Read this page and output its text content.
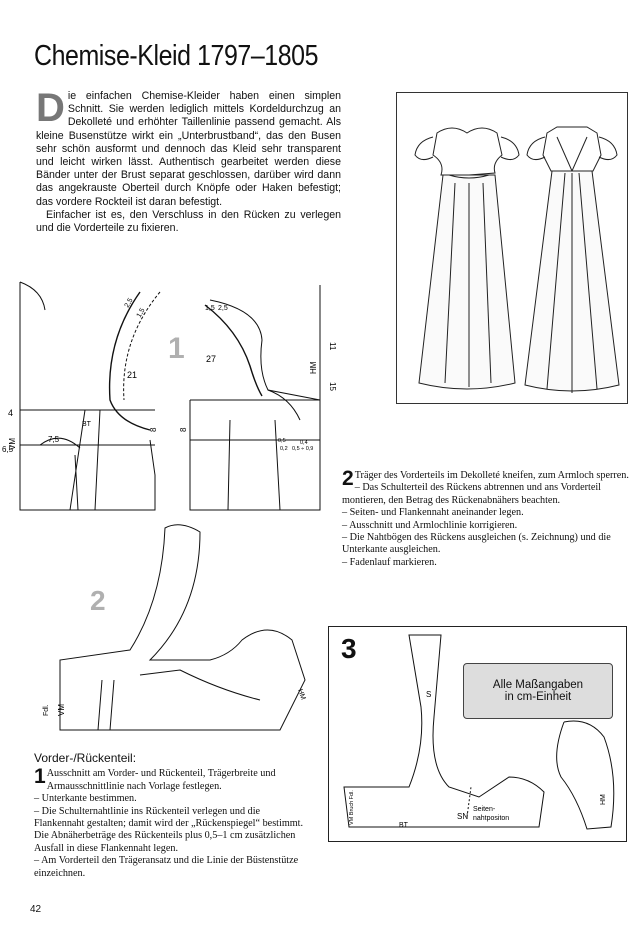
Chemise-Kleid 1797–1805

Die einfachen Chemise-Kleider haben einen simplen Schnitt. Sie werden lediglich mittels Kordeldurchzug an Dekolleté und erhöhter Taillenlinie passend gemacht. Als kleine Busenstütze wirkt ein „Unterbrustband“, das den Busen sehr schön ausformt und dennoch das Kleid sehr transparent und leicht wirken lässt. Authentisch gearbeitet werden diese Bänder unter der Brust separat geschlossen, darüber wird dann das angekrauste Oberteil durch Knöpfe oder Haken befestigt; das vordere Rockteil ist daran befestigt.

Einfacher ist es, den Verschluss in den Rücken zu verlegen und die Vorderteile zu fixieren.

1
2,5
1,5	1,5 2,5
21
27
11
15
HM
4
BT
VM	7,5
6,5
8	8
0,5	0,4
0,2 0,5 ÷ 0,9
2
Fdl. VM
HM

2 Träger des Vorderteils im Dekolleté kneifen, zum Armloch sperren.

– Das Schulterteil des Rückens abtrennen und ans Vorderteil montieren, den Betrag des Rückenabnähers beachten.

– Seiten- und Flankennaht aneinander legen.

– Ausschnitt und Armlochlinie korrigieren.

– Die Nahtbögen des Rückens ausgleichen (s. Zeichnung) und die Unterkante ausgleichen.

– Fadenlauf markieren.

Vorder-/Rückenteil:

1 Ausschnitt am Vorder- und Rückenteil, Trägerbreite und Armausschnittlinie nach Vorlage festlegen.

– Unterkante bestimmen.

– Die Schulternahtlinie ins Rückenteil verlegen und die Flankennaht gestalten; damit wird der „Rückenspiegel“ bestimmt. Die Abnäherbeträge des Rückenteils plus 0,5–1 cm zusätzlichen Ausfall in diese Flankennaht legen.

– Am Vorderteil den Trägeransatz und die Linie der Büstenstütze einzeichnen.

3
Alle Maßangaben
in cm-Einheit
S
SN
BT
HM
VM Bruch Fdl.	Seiten-
nahtpositon
42
